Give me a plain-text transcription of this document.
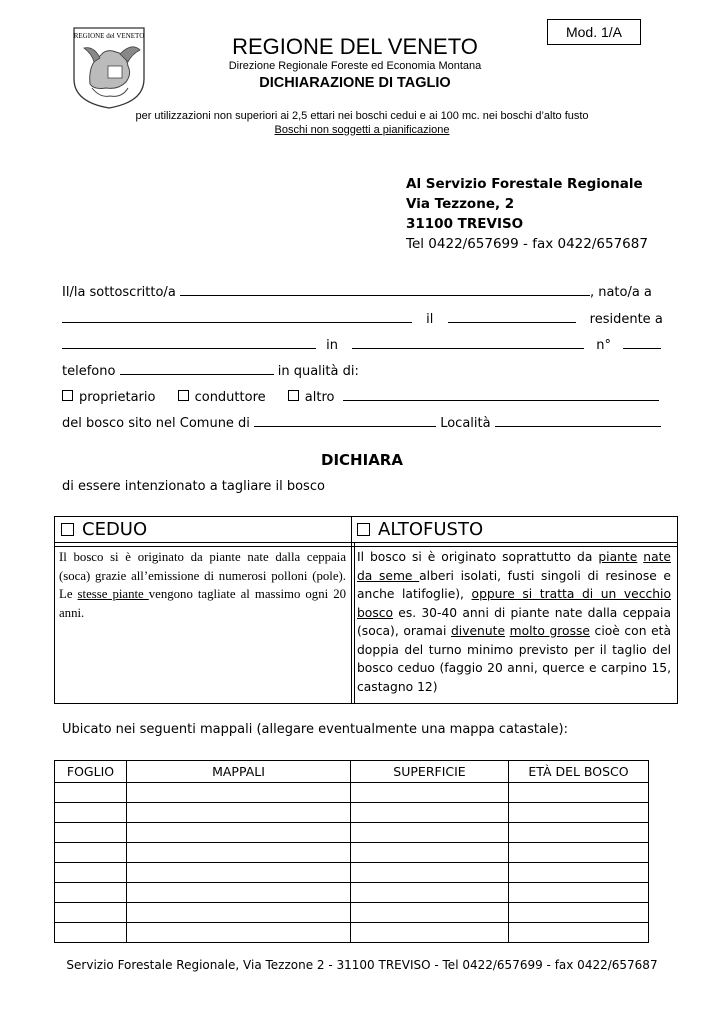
REGIONE del VENETO	Mod. 1/A
REGIONE DEL VENETO
Direzione Regionale Foreste ed Economia Montana
DICHIARAZIONE DI TAGLIO
per utilizzazioni non superiori ai 2,5 ettari nei boschi cedui e ai 100 mc. nei boschi d’alto fusto
Boschi non soggetti a pianificazione
Al Servizio Forestale Regionale
Via Tezzone, 2
31100 TREVISO
Tel 0422/657699 - fax 0422/657687
Il/la sottoscritto/a	, nato/a a
il	residente a
in	n°
telefono	in qualità di:
proprietario	conduttore	altro
del bosco sito nel Comune di	Località
DICHIARA
di essere intenzionato a tagliare il bosco
CEDUO	ALTOFUSTO
Il bosco si è originato da piante nate dalla ceppaia (soca) grazie all’emissione di numerosi polloni (pole). Le stesse piante vengono tagliate al massimo ogni 20 anni.
Il bosco si è originato soprattutto da piante nate da seme alberi isolati, fusti singoli di resinose e anche latifoglie), oppure si tratta di un vecchio bosco es. 30-40 anni di piante nate dalla ceppaia (soca), oramai divenute molto grosse cioè con età doppia del turno minimo previsto per il taglio del bosco ceduo (faggio 20 anni, querce e carpino 15, castagno 12)
Ubicato nei seguenti mappali (allegare eventualmente una mappa catastale):
FOGLIO	MAPPALI	SUPERFICIE	ETÀ DEL BOSCO

Servizio Forestale Regionale, Via Tezzone 2 - 31100 TREVISO - Tel 0422/657699 - fax 0422/657687
